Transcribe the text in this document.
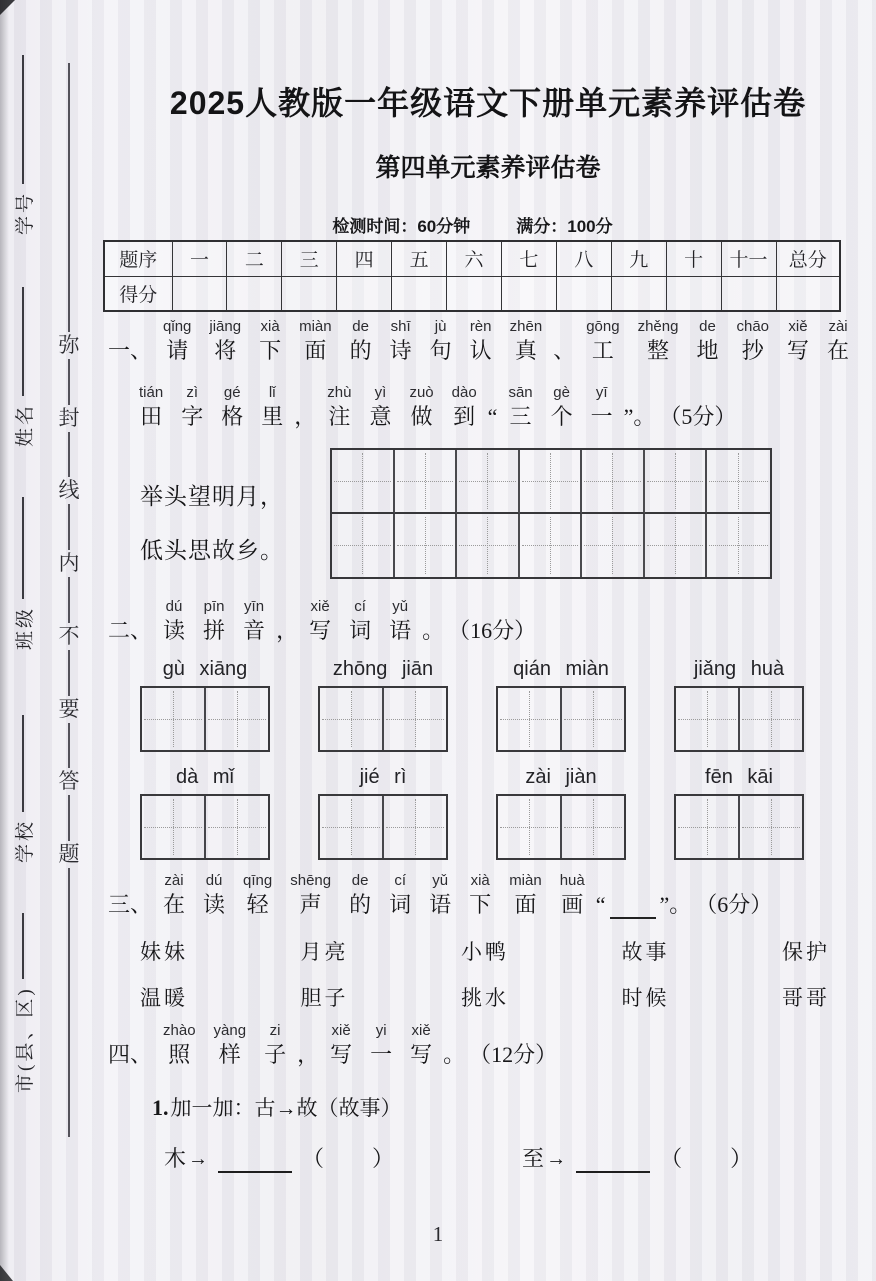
学号
姓名
班级
学校
市(县、区)
弥
封
线
内
不
要
答
题
2025人教版一年级语文下册单元素养评估卷
第四单元素养评估卷
检测时间：60分钟	满分：100分
题序	一	二	三	四	五	六	七	八	九	十	十一	总分
得分												
一、
qǐng
请
jiāng
将
xià
下
miàn
面
de
的
shī
诗
jù
句
rèn
认
zhēn
真 、
gōng
工
zhěng
整
de
地
chāo
抄
xiě
写
zài
在
tián
田
zì
字
gé
格
lǐ
里 ，
zhù
注
yì
意
zuò
做
dào
到 “
sān
三
gè
个
yī
一 ”。 （5分）
举头望明月，
低头思故乡。
二、
dú
读
pīn
拼
yīn
音 ，
xiě
写
cí
词
yǔ
语 。 （16分）
gù xiāng	zhōng jiān	qián miàn	jiǎng huà
dà mǐ	jié rì	zài jiàn	fēn kāi
三、
zài
在
dú
读
qīng
轻
shēng
声
de
的
cí
词
yǔ
语
xià
下
miàn
面
huà
画 “ ”。 （6分）
妹妹	月亮	小鸭	故事	保护
温暖	胆子	挑水	时候	哥哥
四、
zhào
照
yàng
样
zi
子 ，
xiě
写
yi
一
xiě
写 。 （12分）
1.加一加：古→故（故事）
木 →	（ ）	至 →	（ ）
1
